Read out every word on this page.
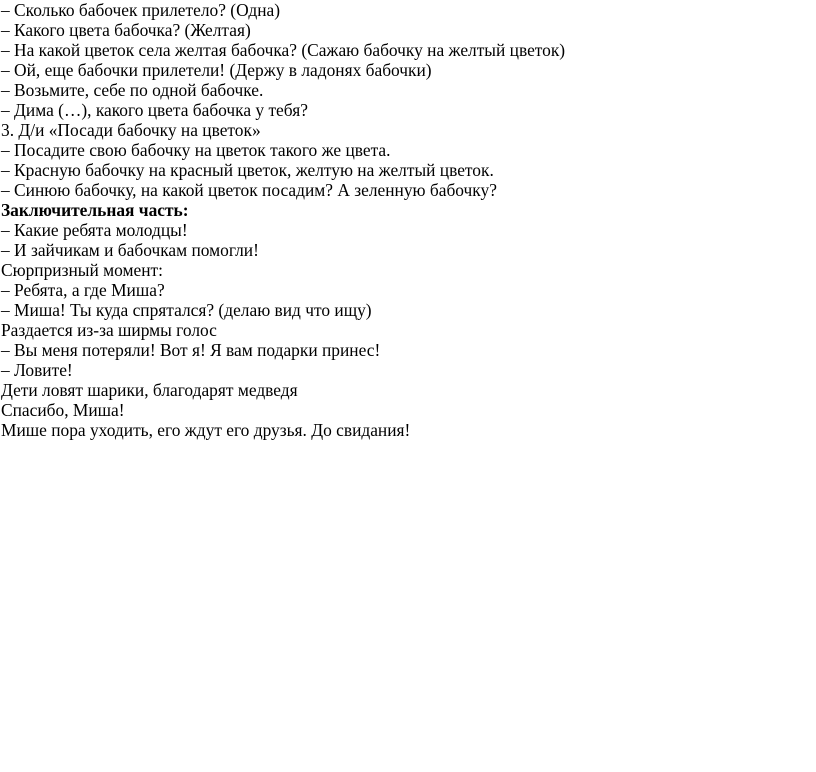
– Сколько бабочек прилетело? (Одна)
– Какого цвета бабочка? (Желтая)
– На какой цветок села желтая бабочка? (Сажаю бабочку на желтый цветок)
– Ой, еще бабочки прилетели! (Держу в ладонях бабочки)
– Возьмите, себе по одной бабочке.
– Дима (…), какого цвета бабочка у тебя?
3. Д/и «Посади бабочку на цветок»
– Посадите свою бабочку на цветок такого же цвета.
– Красную бабочку на красный цветок, желтую на желтый цветок.
– Синюю бабочку, на какой цветок посадим? А зеленную бабочку?
Заключительная часть:
– Какие ребята молодцы!
– И зайчикам и бабочкам помогли!
Сюрпризный момент:
– Ребята, а где Миша?
– Миша! Ты куда спрятался? (делаю вид что ищу)
Раздается из-за ширмы голос
– Вы меня потеряли! Вот я! Я вам подарки принес!
– Ловите!
Дети ловят шарики, благодарят медведя
Спасибо, Миша!
Мише пора уходить, его ждут его друзья. До свидания!
